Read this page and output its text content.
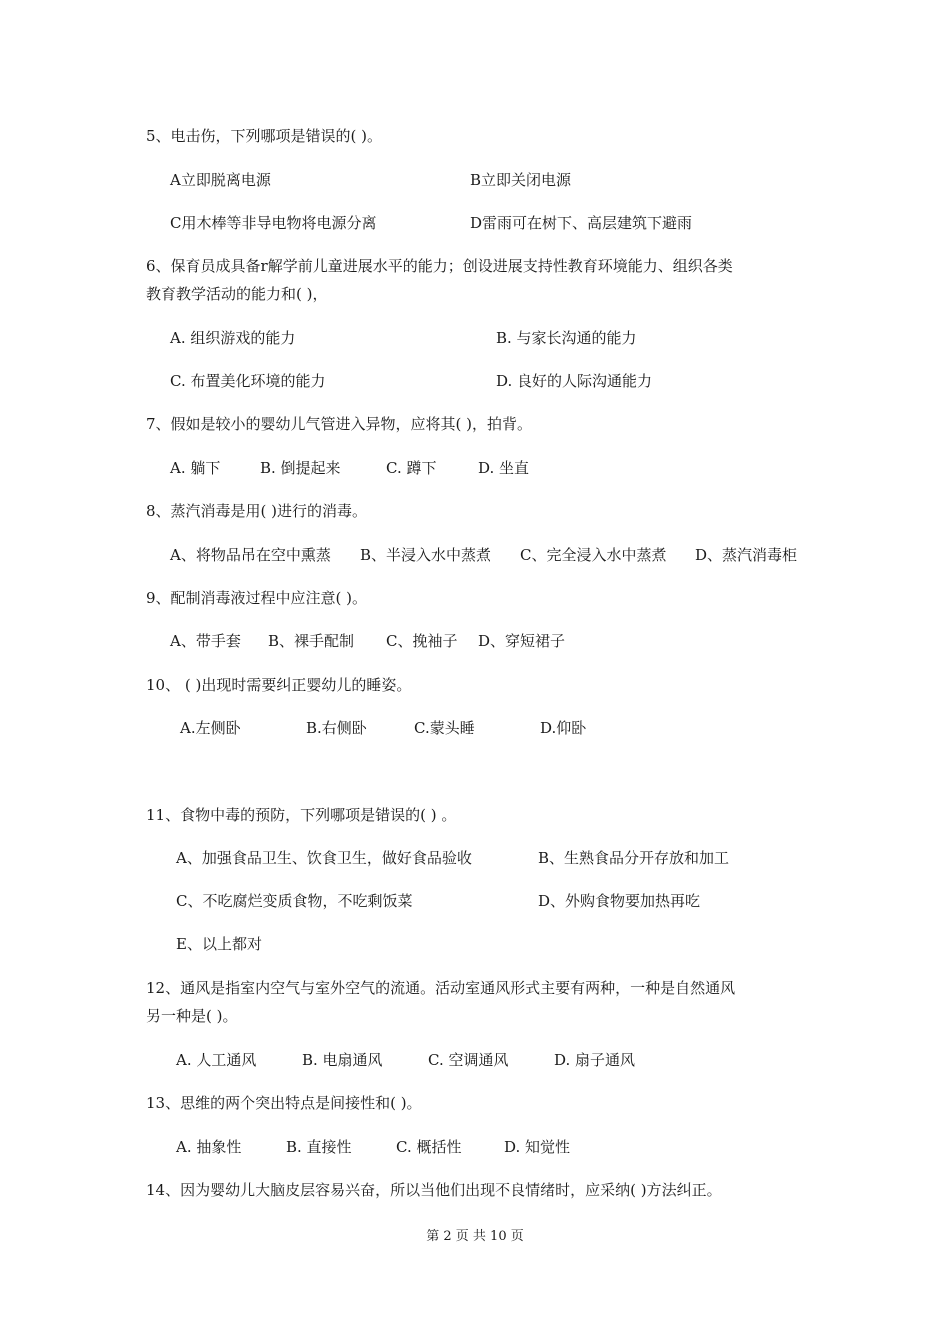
5、电击伤，下列哪项是错误的( )。
A立即脱离电源	B立即关闭电源
C用木棒等非导电物将电源分离	D雷雨可在树下、高层建筑下避雨
6、保育员成具备r解学前儿童进展水平的能力；创设进展支持性教育环境能力、组织各类
教育教学活动的能力和( )，
A. 组织游戏的能力	B. 与家长沟通的能力
C. 布置美化环境的能力	D. 良好的人际沟通能力
7、假如是较小的婴幼儿气管进入异物，应将其( )，拍背。
A. 躺下	B. 倒提起来	C. 蹲下	D. 坐直
8、蒸汽消毒是用( )进行的消毒。
A、将物品吊在空中熏蒸 B、半浸入水中蒸煮 C、完全浸入水中蒸煮 D、蒸汽消毒柜
9、配制消毒液过程中应注意( )。
A、带手套 B、裸手配制 C、挽袖子 D、穿短裙子
10、 ( )出现时需要纠正婴幼儿的睡姿。
A.左侧卧	B.右侧卧	C.蒙头睡	D.仰卧
11、食物中毒的预防，下列哪项是错误的( ) 。
A、加强食品卫生、饮食卫生，做好食品验收	B、生熟食品分开存放和加工
C、不吃腐烂变质食物，不吃剩饭菜	D、外购食物要加热再吃
E、以上都对
12、通风是指室内空气与室外空气的流通。活动室通风形式主要有两种，一种是自然通风
另一种是( )。
A. 人工通风	B. 电扇通风	C. 空调通风	D. 扇子通风
13、思维的两个突出特点是间接性和( )。
A. 抽象性	B. 直接性	C. 概括性	D. 知觉性
14、因为婴幼儿大脑皮层容易兴奋，所以当他们出现不良情绪时，应采纳( )方法纠正。
第 2 页 共 10 页
